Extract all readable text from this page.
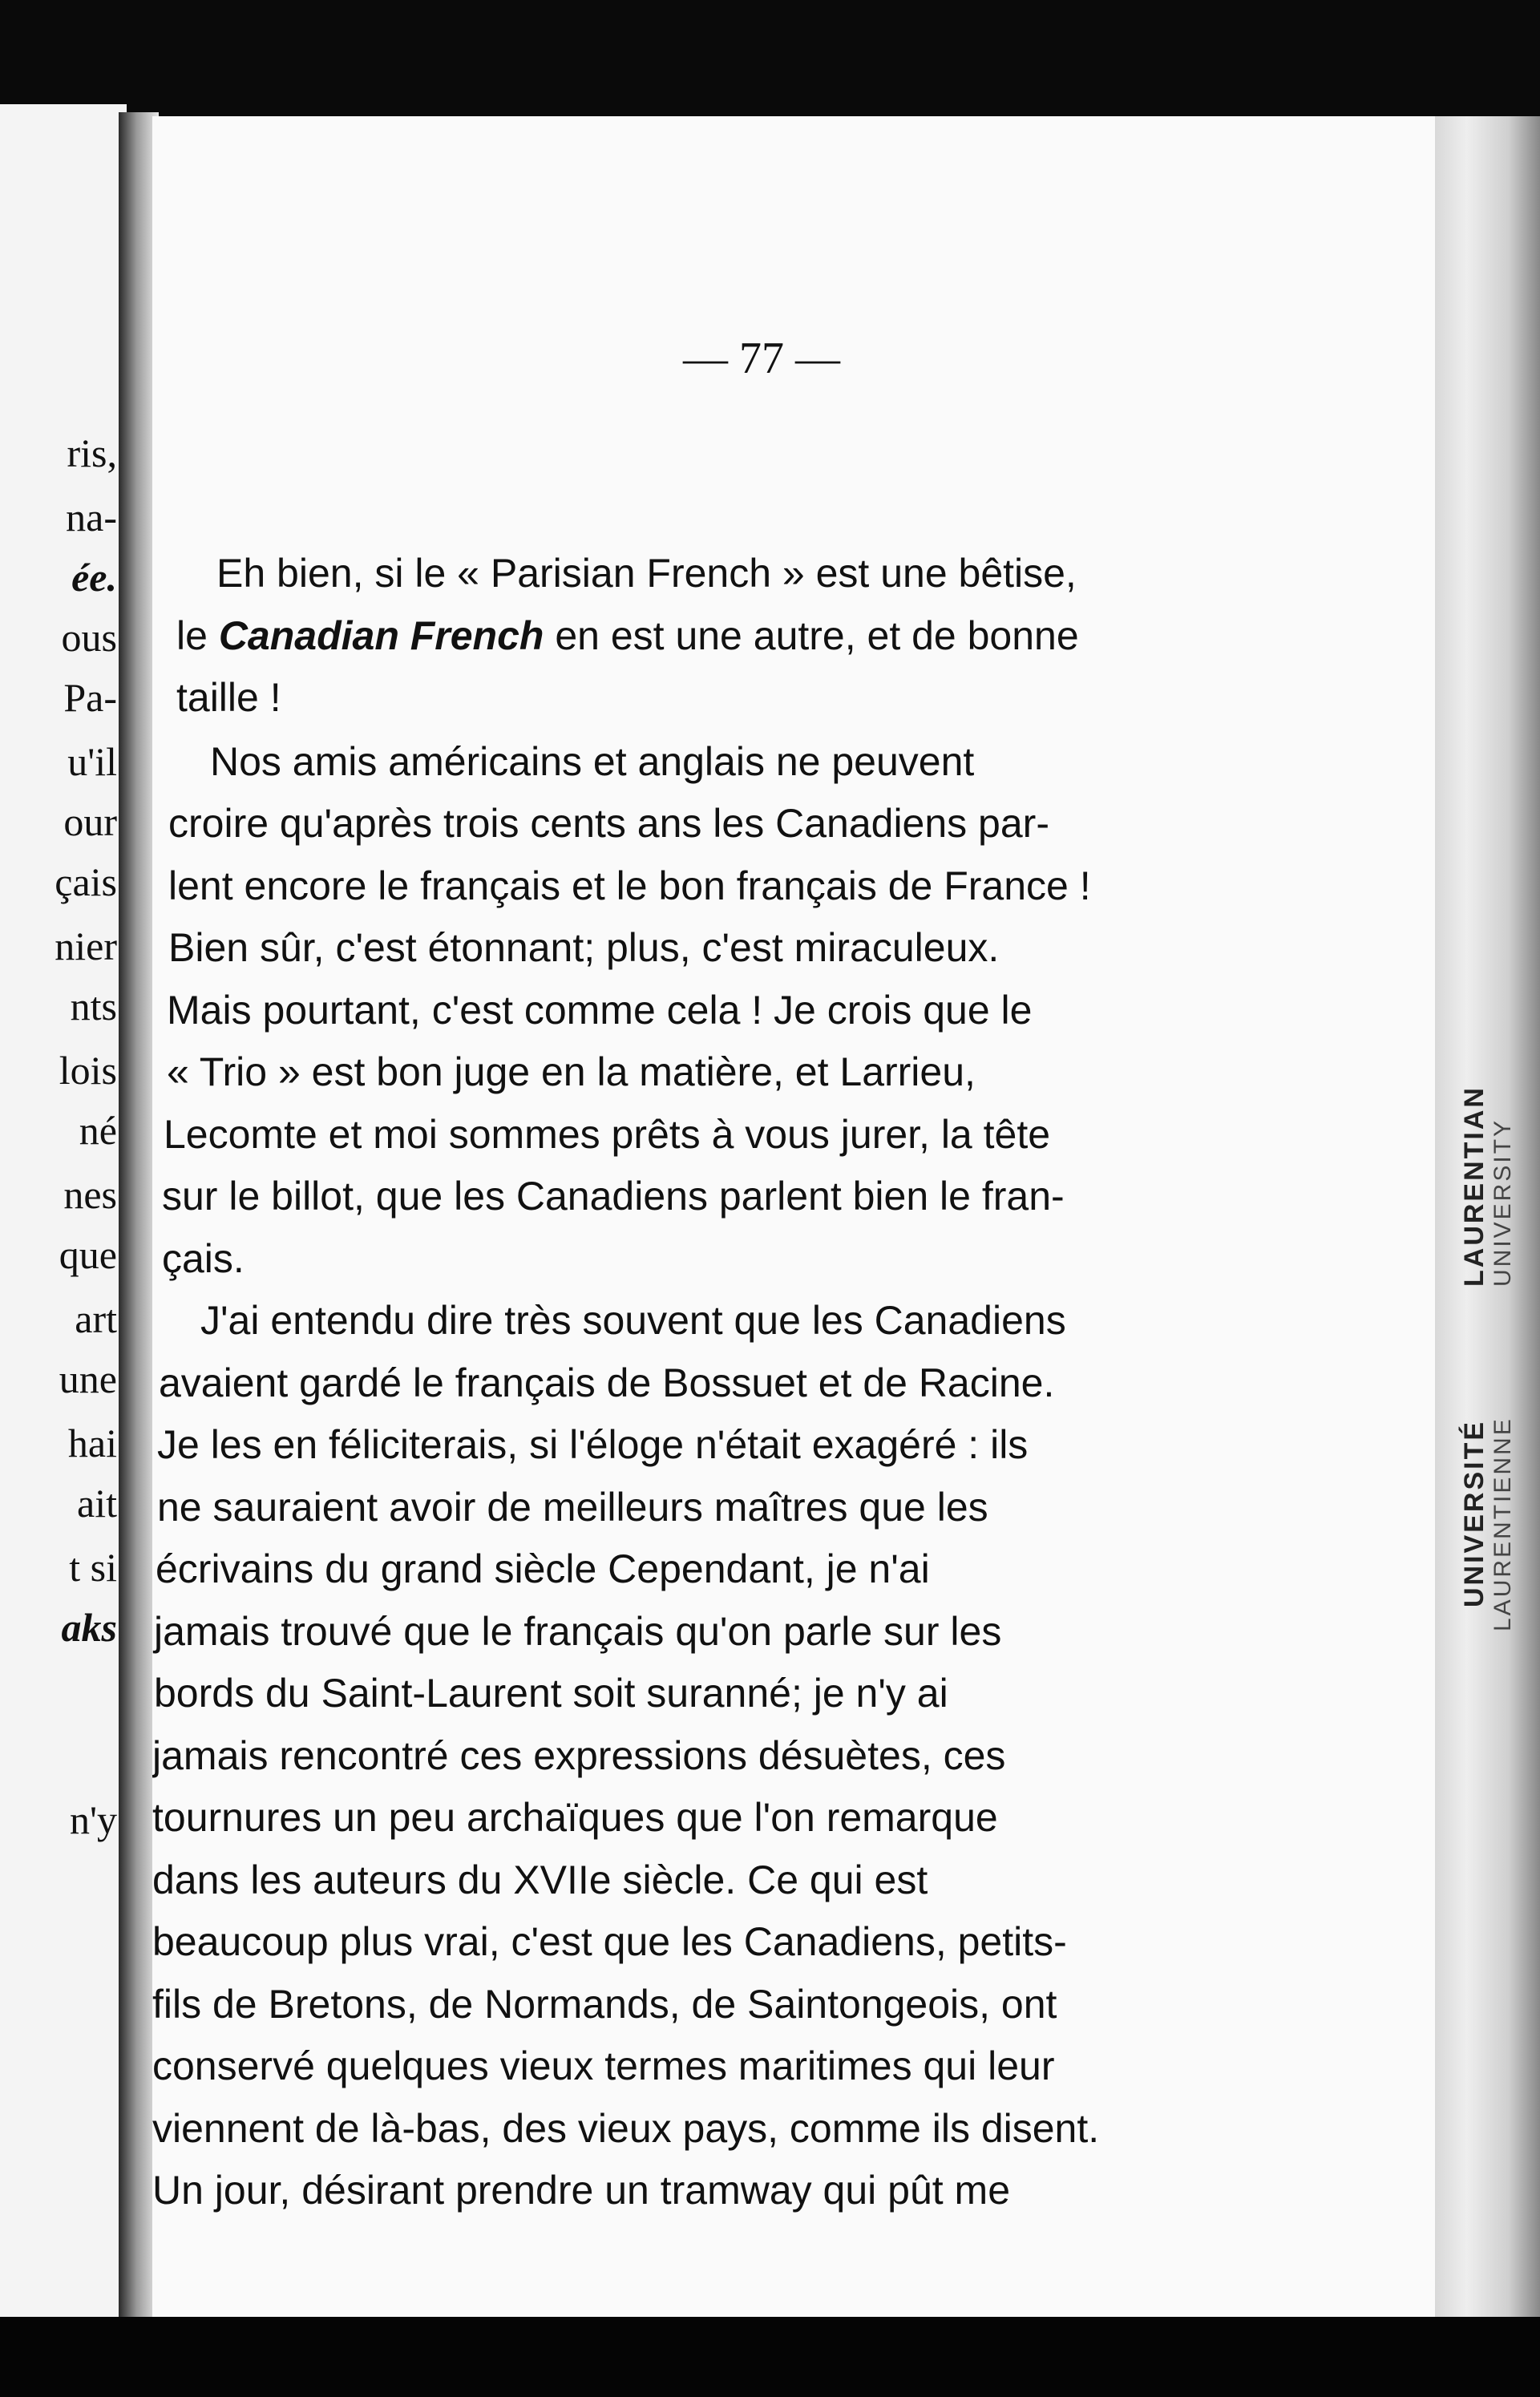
ris,
na‑
ée.
ous
Pa-
u'il
our
çais
nier
nts
lois
né
nes
que
art
une
hai
ait
t si
aks
n'y
— 77 —
Eh bien, si le « Parisian French » est une bêtise,
le Canadian French en est une autre, et de bonne
taille !
Nos amis américains et anglais ne peuvent
croire qu'après trois cents ans les Canadiens par-
lent encore le français et le bon français de France !
Bien sûr, c'est étonnant; plus, c'est miraculeux.
Mais pourtant, c'est comme cela ! Je crois que le
« Trio » est bon juge en la matière, et Larrieu,
Lecomte et moi sommes prêts à vous jurer, la tête
sur le billot, que les Canadiens parlent bien le fran-
çais.
J'ai entendu dire très souvent que les Canadiens
avaient gardé le français de Bossuet et de Racine.
Je les en féliciterais, si l'éloge n'était exagéré : ils
ne sauraient avoir de meilleurs maîtres que les
écrivains du grand siècle Cependant, je n'ai
jamais trouvé que le français qu'on parle sur les
bords du Saint-Laurent soit suranné; je n'y ai
jamais rencontré ces expressions désuètes, ces
tournures un peu archaïques que l'on remarque
dans les auteurs du XVIIe siècle. Ce qui est
beaucoup plus vrai, c'est que les Canadiens, petits-
fils de Bretons, de Normands, de Saintongeois, ont
conservé quelques vieux termes maritimes qui leur
viennent de là-bas, des vieux pays, comme ils disent.
Un jour, désirant prendre un tramway qui pût me
LAURENTIAN UNIVERSITY
UNIVERSITÉ LAURENTIENNE
